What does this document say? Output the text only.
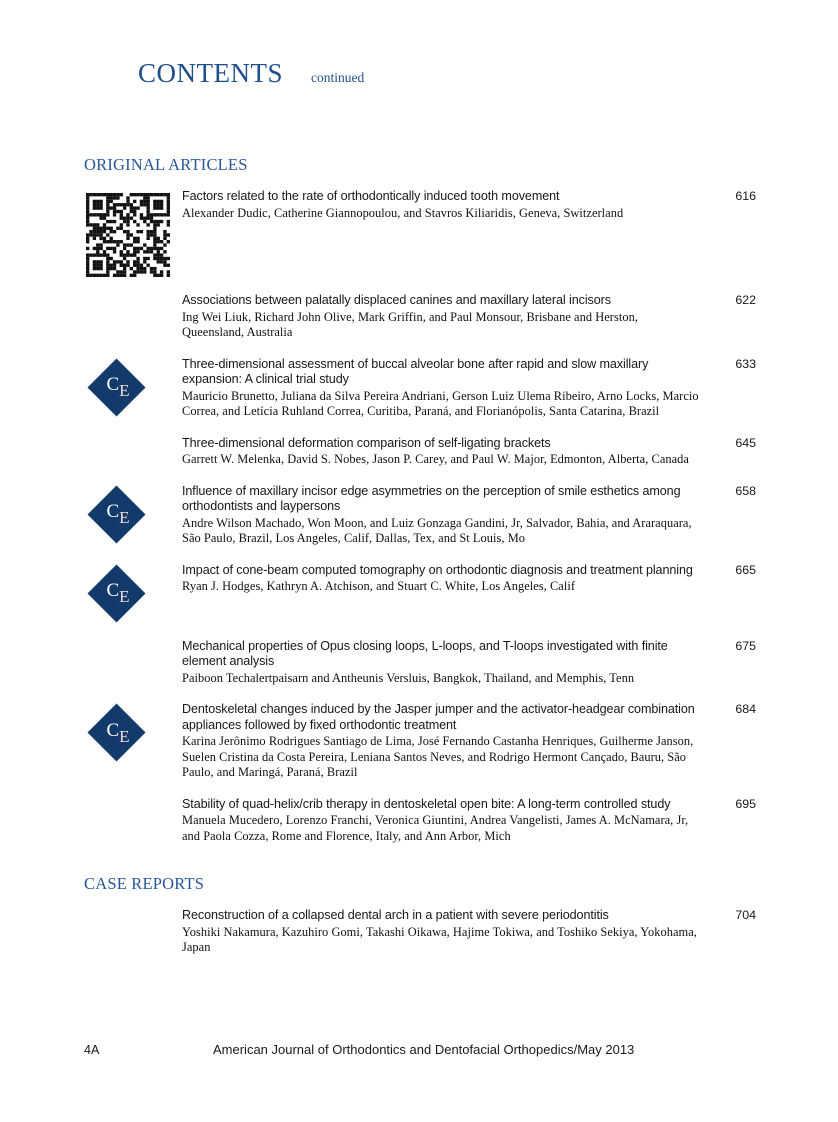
CONTENTS continued
ORIGINAL ARTICLES
Factors related to the rate of orthodontically induced tooth movement
Alexander Dudic, Catherine Giannopoulou, and Stavros Kiliaridis, Geneva, Switzerland
616
Associations between palatally displaced canines and maxillary lateral incisors
Ing Wei Liuk, Richard John Olive, Mark Griffin, and Paul Monsour, Brisbane and Herston, Queensland, Australia
622
C E
Three-dimensional assessment of buccal alveolar bone after rapid and slow maxillary expansion: A clinical trial study
Mauricio Brunetto, Juliana da Silva Pereira Andriani, Gerson Luiz Ulema Ribeiro, Arno Locks, Marcio Correa, and Letícia Ruhland Correa, Curitiba, Paraná, and Florianópolis, Santa Catarina, Brazil
633
Three-dimensional deformation comparison of self-ligating brackets
Garrett W. Melenka, David S. Nobes, Jason P. Carey, and Paul W. Major, Edmonton, Alberta, Canada
645
C E
Influence of maxillary incisor edge asymmetries on the perception of smile esthetics among orthodontists and laypersons
Andre Wilson Machado, Won Moon, and Luiz Gonzaga Gandini, Jr, Salvador, Bahia, and Araraquara, São Paulo, Brazil, Los Angeles, Calif, Dallas, Tex, and St Louis, Mo
658
C E
Impact of cone-beam computed tomography on orthodontic diagnosis and treatment planning
Ryan J. Hodges, Kathryn A. Atchison, and Stuart C. White, Los Angeles, Calif
665
Mechanical properties of Opus closing loops, L-loops, and T-loops investigated with finite element analysis
Paiboon Techalertpaisarn and Antheunis Versluis, Bangkok, Thailand, and Memphis, Tenn
675
C E
Dentoskeletal changes induced by the Jasper jumper and the activator-headgear combination appliances followed by fixed orthodontic treatment
Karina Jerônimo Rodrigues Santiago de Lima, José Fernando Castanha Henriques, Guilherme Janson, Suelen Cristina da Costa Pereira, Leniana Santos Neves, and Rodrigo Hermont Cançado, Bauru, São Paulo, and Maringá, Paraná, Brazil
684
Stability of quad-helix/crib therapy in dentoskeletal open bite: A long-term controlled study
Manuela Mucedero, Lorenzo Franchi, Veronica Giuntini, Andrea Vangelisti, James A. McNamara, Jr, and Paola Cozza, Rome and Florence, Italy, and Ann Arbor, Mich
695
CASE REPORTS
Reconstruction of a collapsed dental arch in a patient with severe periodontitis
Yoshiki Nakamura, Kazuhiro Gomi, Takashi Oikawa, Hajime Tokiwa, and Toshiko Sekiya, Yokohama, Japan
704
4A	American Journal of Orthodontics and Dentofacial Orthopedics/May 2013
